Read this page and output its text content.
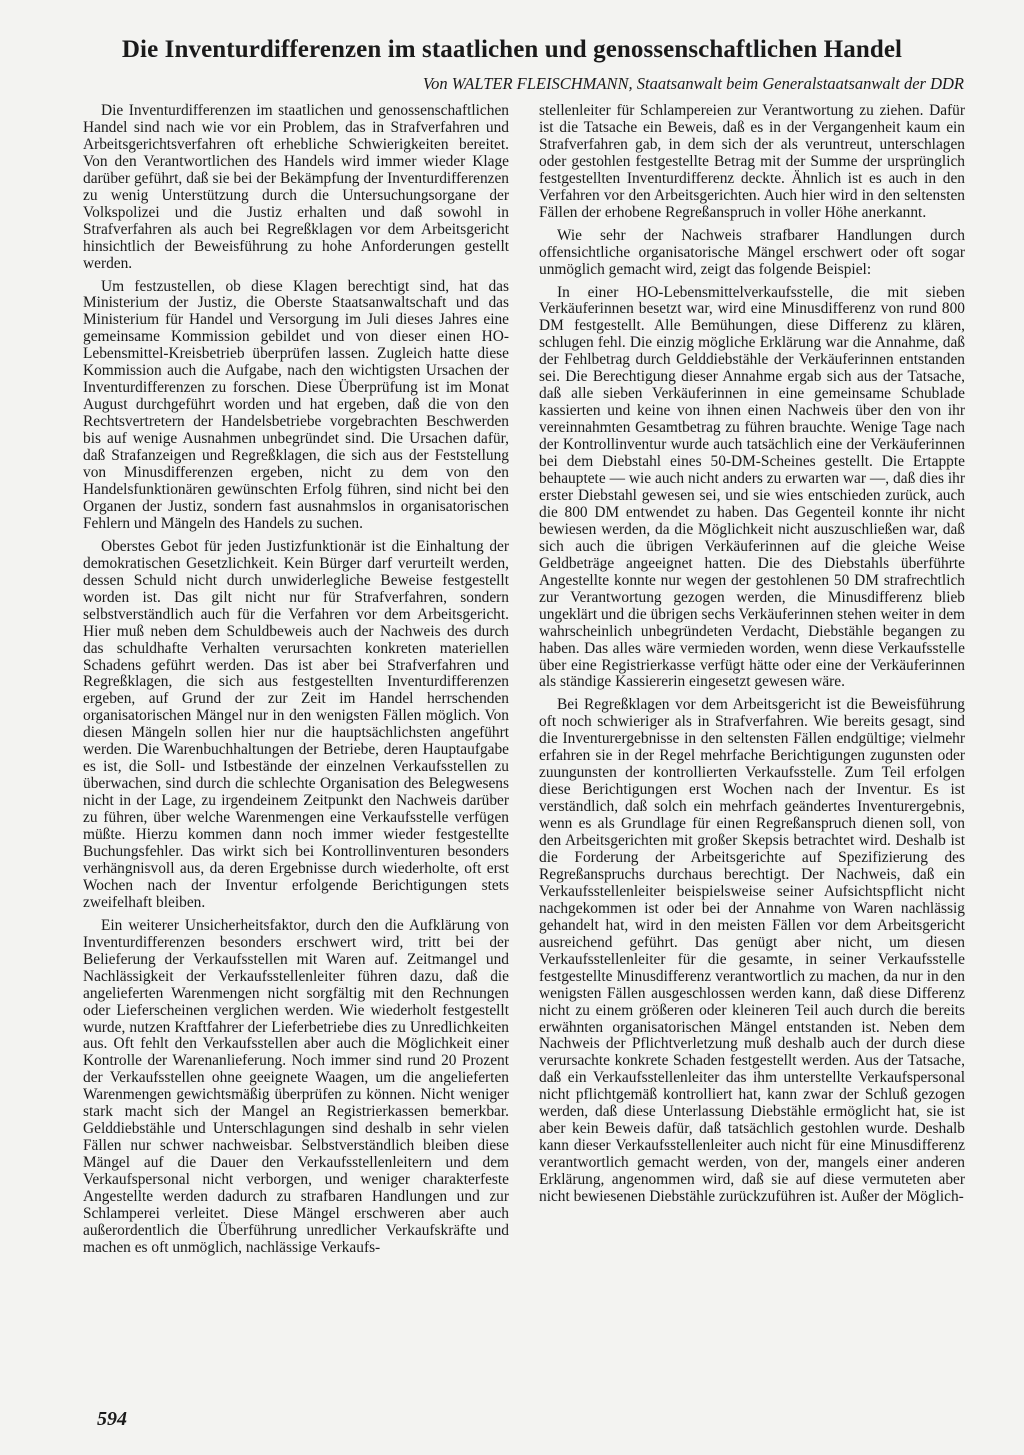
Die Inventurdifferenzen im staatlichen und genossenschaftlichen Handel

Von WALTER FLEISCHMANN, Staatsanwalt beim Generalstaatsanwalt der DDR

Die Inventurdifferenzen im staatlichen und genossenschaftlichen Handel sind nach wie vor ein Problem, das in Strafverfahren und Arbeitsgerichtsverfahren oft erhebliche Schwierigkeiten bereitet. Von den Verantwortlichen des Handels wird immer wieder Klage darüber geführt, daß sie bei der Bekämpfung der Inventurdifferenzen zu wenig Unterstützung durch die Untersuchungsorgane der Volkspolizei und die Justiz erhalten und daß sowohl in Strafverfahren als auch bei Regreßklagen vor dem Arbeitsgericht hinsichtlich der Beweisführung zu hohe Anforderungen gestellt werden.

Um festzustellen, ob diese Klagen berechtigt sind, hat das Ministerium der Justiz, die Oberste Staatsanwaltschaft und das Ministerium für Handel und Versorgung im Juli dieses Jahres eine gemeinsame Kommission gebildet und von dieser einen HO-Lebensmittel-Kreisbetrieb überprüfen lassen. Zugleich hatte diese Kommission auch die Aufgabe, nach den wichtigsten Ursachen der Inventurdifferenzen zu forschen. Diese Überprüfung ist im Monat August durchgeführt worden und hat ergeben, daß die von den Rechtsvertretern der Handelsbetriebe vorgebrachten Beschwerden bis auf wenige Ausnahmen unbegründet sind. Die Ursachen dafür, daß Strafanzeigen und Regreßklagen, die sich aus der Feststellung von Minusdifferenzen ergeben, nicht zu dem von den Handelsfunktionären gewünschten Erfolg führen, sind nicht bei den Organen der Justiz, sondern fast ausnahmslos in organisatorischen Fehlern und Mängeln des Handels zu suchen.

Oberstes Gebot für jeden Justizfunktionär ist die Einhaltung der demokratischen Gesetzlichkeit. Kein Bürger darf verurteilt werden, dessen Schuld nicht durch unwiderlegliche Beweise festgestellt worden ist. Das gilt nicht nur für Strafverfahren, sondern selbstverständlich auch für die Verfahren vor dem Arbeitsgericht. Hier muß neben dem Schuldbeweis auch der Nachweis des durch das schuldhafte Verhalten verursachten konkreten materiellen Schadens geführt werden. Das ist aber bei Strafverfahren und Regreßklagen, die sich aus festgestellten Inventurdifferenzen ergeben, auf Grund der zur Zeit im Handel herrschenden organisatorischen Mängel nur in den wenigsten Fällen möglich. Von diesen Mängeln sollen hier nur die hauptsächlichsten angeführt werden. Die Warenbuchhaltungen der Betriebe, deren Hauptaufgabe es ist, die Soll- und Istbestände der einzelnen Verkaufsstellen zu überwachen, sind durch die schlechte Organisation des Belegwesens nicht in der Lage, zu irgendeinem Zeitpunkt den Nachweis darüber zu führen, über welche Warenmengen eine Verkaufsstelle verfügen müßte. Hierzu kommen dann noch immer wieder festgestellte Buchungsfehler. Das wirkt sich bei Kontrollinventuren besonders verhängnisvoll aus, da deren Ergebnisse durch wiederholte, oft erst Wochen nach der Inventur erfolgende Berichtigungen stets zweifelhaft bleiben.

Ein weiterer Unsicherheitsfaktor, durch den die Aufklärung von Inventurdifferenzen besonders erschwert wird, tritt bei der Belieferung der Verkaufsstellen mit Waren auf. Zeitmangel und Nachlässigkeit der Verkaufsstellenleiter führen dazu, daß die angelieferten Warenmengen nicht sorgfältig mit den Rechnungen oder Lieferscheinen verglichen werden. Wie wiederholt festgestellt wurde, nutzen Kraftfahrer der Lieferbetriebe dies zu Unredlichkeiten aus. Oft fehlt den Verkaufsstellen aber auch die Möglichkeit einer Kontrolle der Warenanlieferung. Noch immer sind rund 20 Prozent der Verkaufsstellen ohne geeignete Waagen, um die angelieferten Warenmengen gewichtsmäßig überprüfen zu können. Nicht weniger stark macht sich der Mangel an Registrierkassen bemerkbar. Gelddiebstähle und Unterschlagungen sind deshalb in sehr vielen Fällen nur schwer nachweisbar. Selbstverständlich bleiben diese Mängel auf die Dauer den Verkaufsstellenleitern und dem Verkaufspersonal nicht verborgen, und weniger charakterfeste Angestellte werden dadurch zu strafbaren Handlungen und zur Schlamperei verleitet. Diese Mängel erschweren aber auch außerordentlich die Überführung unredlicher Verkaufskräfte und machen es oft unmöglich, nachlässige Verkaufs-

stellenleiter für Schlampereien zur Verantwortung zu ziehen. Dafür ist die Tatsache ein Beweis, daß es in der Vergangenheit kaum ein Strafverfahren gab, in dem sich der als veruntreut, unterschlagen oder gestohlen festgestellte Betrag mit der Summe der ursprünglich festgestellten Inventurdifferenz deckte. Ähnlich ist es auch in den Verfahren vor den Arbeitsgerichten. Auch hier wird in den seltensten Fällen der erhobene Regreßanspruch in voller Höhe anerkannt.

Wie sehr der Nachweis strafbarer Handlungen durch offensichtliche organisatorische Mängel erschwert oder oft sogar unmöglich gemacht wird, zeigt das folgende Beispiel:

In einer HO-Lebensmittelverkaufsstelle, die mit sieben Verkäuferinnen besetzt war, wird eine Minusdifferenz von rund 800 DM festgestellt. Alle Bemühungen, diese Differenz zu klären, schlugen fehl. Die einzig mögliche Erklärung war die Annahme, daß der Fehlbetrag durch Gelddiebstähle der Verkäuferinnen entstanden sei. Die Berechtigung dieser Annahme ergab sich aus der Tatsache, daß alle sieben Verkäuferinnen in eine gemeinsame Schublade kassierten und keine von ihnen einen Nachweis über den von ihr vereinnahmten Gesamtbetrag zu führen brauchte. Wenige Tage nach der Kontrollinventur wurde auch tatsächlich eine der Verkäuferinnen bei dem Diebstahl eines 50-DM-Scheines gestellt. Die Ertappte behauptete — wie auch nicht anders zu erwarten war —, daß dies ihr erster Diebstahl gewesen sei, und sie wies entschieden zurück, auch die 800 DM entwendet zu haben. Das Gegenteil konnte ihr nicht bewiesen werden, da die Möglichkeit nicht auszuschließen war, daß sich auch die übrigen Verkäuferinnen auf die gleiche Weise Geldbeträge angeeignet hatten. Die des Diebstahls überführte Angestellte konnte nur wegen der gestohlenen 50 DM strafrechtlich zur Verantwortung gezogen werden, die Minusdifferenz blieb ungeklärt und die übrigen sechs Verkäuferinnen stehen weiter in dem wahrscheinlich unbegründeten Verdacht, Diebstähle begangen zu haben. Das alles wäre vermieden worden, wenn diese Verkaufsstelle über eine Registrierkasse verfügt hätte oder eine der Verkäuferinnen als ständige Kassiererin eingesetzt gewesen wäre.

Bei Regreßklagen vor dem Arbeitsgericht ist die Beweisführung oft noch schwieriger als in Strafverfahren. Wie bereits gesagt, sind die Inventurergebnisse in den seltensten Fällen endgültige; vielmehr erfahren sie in der Regel mehrfache Berichtigungen zugunsten oder zuungunsten der kontrollierten Verkaufsstelle. Zum Teil erfolgen diese Berichtigungen erst Wochen nach der Inventur. Es ist verständlich, daß solch ein mehrfach geändertes Inventurergebnis, wenn es als Grundlage für einen Regreßanspruch dienen soll, von den Arbeitsgerichten mit großer Skepsis betrachtet wird. Deshalb ist die Forderung der Arbeitsgerichte auf Spezifizierung des Regreßanspruchs durchaus berechtigt. Der Nachweis, daß ein Verkaufsstellenleiter beispielsweise seiner Aufsichtspflicht nicht nachgekommen ist oder bei der Annahme von Waren nachlässig gehandelt hat, wird in den meisten Fällen vor dem Arbeitsgericht ausreichend geführt. Das genügt aber nicht, um diesen Verkaufsstellenleiter für die gesamte, in seiner Verkaufsstelle festgestellte Minusdifferenz verantwortlich zu machen, da nur in den wenigsten Fällen ausgeschlossen werden kann, daß diese Differenz nicht zu einem größeren oder kleineren Teil auch durch die bereits erwähnten organisatorischen Mängel entstanden ist. Neben dem Nachweis der Pflichtverletzung muß deshalb auch der durch diese verursachte konkrete Schaden festgestellt werden. Aus der Tatsache, daß ein Verkaufsstellenleiter das ihm unterstellte Verkaufspersonal nicht pflichtgemäß kontrolliert hat, kann zwar der Schluß gezogen werden, daß diese Unterlassung Diebstähle ermöglicht hat, sie ist aber kein Beweis dafür, daß tatsächlich gestohlen wurde. Deshalb kann dieser Verkaufsstellenleiter auch nicht für eine Minusdifferenz verantwortlich gemacht werden, von der, mangels einer anderen Erklärung, angenommen wird, daß sie auf diese vermuteten aber nicht bewiesenen Diebstähle zurückzuführen ist. Außer der Möglich-

594
